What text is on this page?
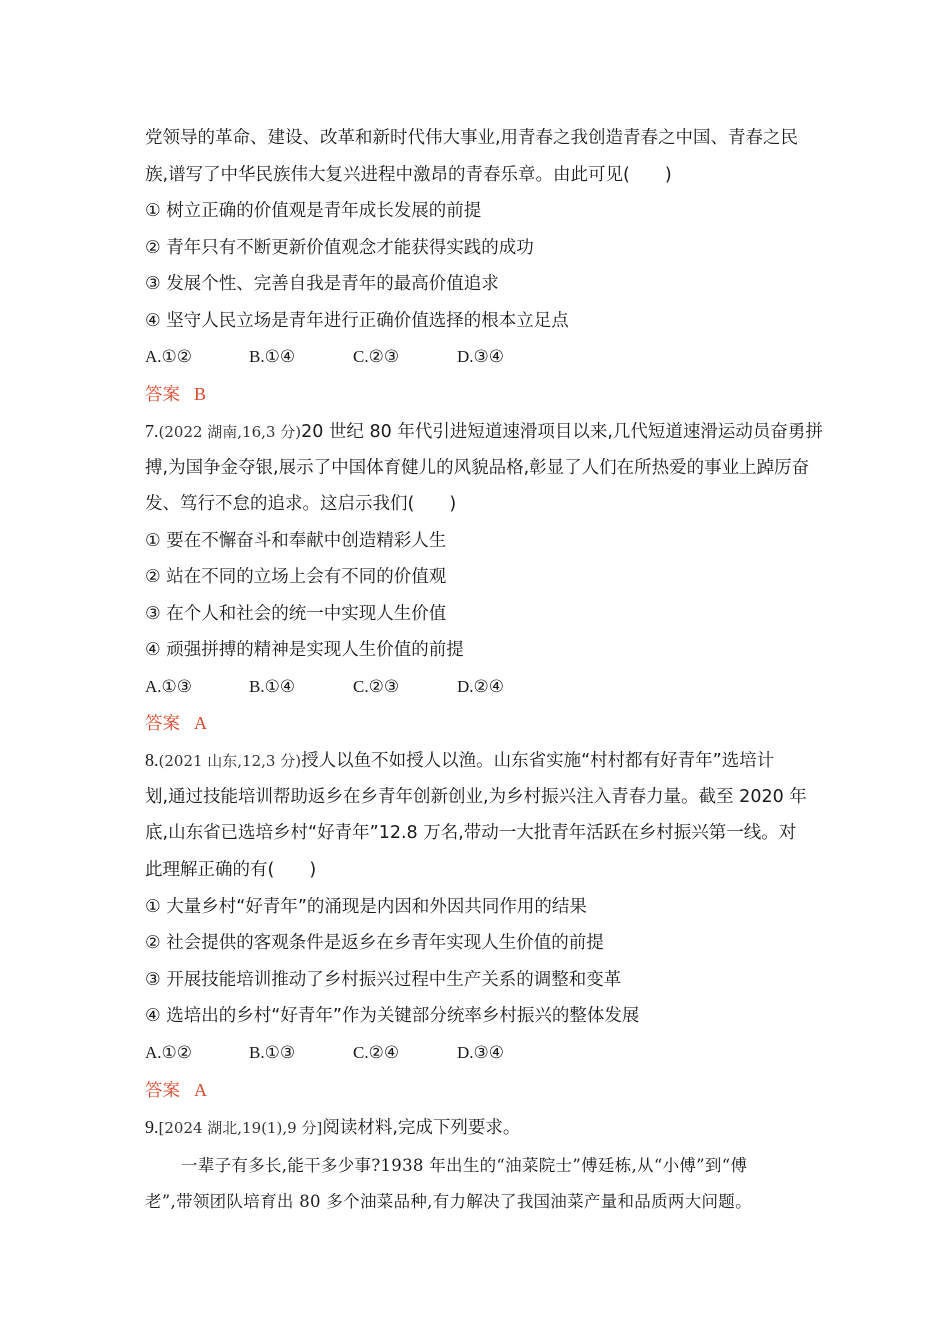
党领导的革命、建设、改革和新时代伟大事业,用青春之我创造青春之中国、青春之民
族,谱写了中华民族伟大复兴进程中激昂的青春乐章。由此可见(　　)
① 树立正确的价值观是青年成长发展的前提
② 青年只有不断更新价值观念才能获得实践的成功
③ 发展个性、完善自我是青年的最高价值追求
④ 坚守人民立场是青年进行正确价值选择的根本立足点
A.①②	B.①④	C.②③	D.③④
答案 B
7.(2022 湖南,16,3 分)20 世纪 80 年代引进短道速滑项目以来,几代短道速滑运动员奋勇拼
搏,为国争金夺银,展示了中国体育健儿的风貌品格,彰显了人们在所热爱的事业上踔厉奋
发、笃行不怠的追求。这启示我们(　　)
① 要在不懈奋斗和奉献中创造精彩人生
② 站在不同的立场上会有不同的价值观
③ 在个人和社会的统一中实现人生价值
④ 顽强拼搏的精神是实现人生价值的前提
A.①③	B.①④	C.②③	D.②④
答案 A
8.(2021 山东,12,3 分)授人以鱼不如授人以渔。山东省实施“村村都有好青年”选培计
划,通过技能培训帮助返乡在乡青年创新创业,为乡村振兴注入青春力量。截至 2020 年
底,山东省已选培乡村“好青年”12.8 万名,带动一大批青年活跃在乡村振兴第一线。对
此理解正确的有(　　)
① 大量乡村“好青年”的涌现是内因和外因共同作用的结果
② 社会提供的客观条件是返乡在乡青年实现人生价值的前提
③ 开展技能培训推动了乡村振兴过程中生产关系的调整和变革
④ 选培出的乡村“好青年”作为关键部分统率乡村振兴的整体发展
A.①②	B.①③	C.②④	D.③④
答案 A
9.[2024 湖北,19(1),9 分]阅读材料,完成下列要求。
一辈子有多长,能干多少事?1938 年出生的“油菜院士”傅廷栋,从“小傅”到“傅
老”,带领团队培育出 80 多个油菜品种,有力解决了我国油菜产量和品质两大问题。
